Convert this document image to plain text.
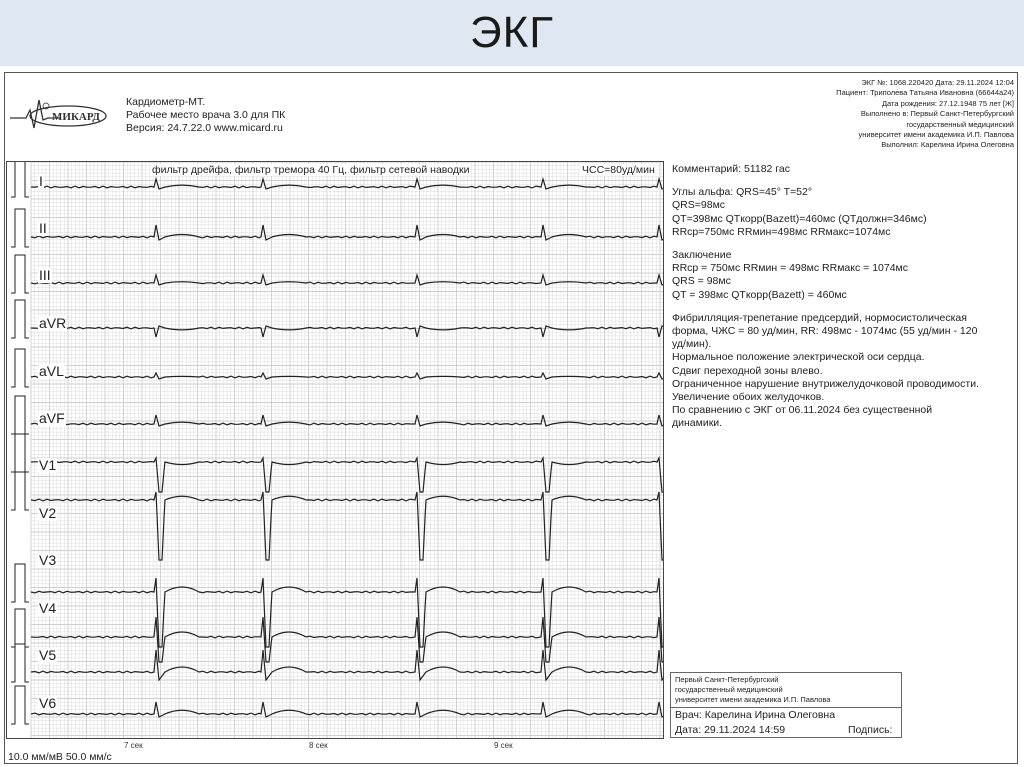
ЭКГ
МИКАРД
Кардиометр-МТ.
Рабочее место врача 3.0 для ПК
Версия: 24.7.22.0 www.micard.ru
ЭКГ №: 1068.220420 Дата: 29.11.2024 12:04
Пациент: Триполева Татьяна Ивановна (66644а24)
Дата рождения: 27.12.1948 75 лет [Ж]
Выполнено в: Первый Санкт-Петербургский
государственный медицинский
университет имени академика И.П. Павлова
Выполнил: Карелина Ирина Олеговна
фильтр дрейфа, фильтр тремора 40 Гц, фильтр сетевой наводки	ЧСС=80уд/мин
I
II
III
aVR
aVL
aVF
V1
V2
V3
V4
V5
V6
7 сек	8 сек	9 сек
10.0 мм/мВ 50.0 мм/с

Комментарий: 51182 гас

Углы альфа: QRS=45° T=52°

QRS=98мс

QT=398мс QTкорр(Bazett)=460мс (QTдолжн=346мс)

RRср=750мс RRмин=498мс RRмакс=1074мс

Заключение

RRср = 750мс RRмин = 498мс RRмакс = 1074мс

QRS = 98мс

QT = 398мс QTкорр(Bazett) = 460мс

Фибрилляция-трепетание предсердий, нормосистолическая

форма, ЧЖС = 80 уд/мин, RR: 498мс - 1074мс (55 уд/мин - 120

уд/мин).

Нормальное положение электрической оси сердца.

Сдвиг переходной зоны влево.

Ограниченное нарушение внутрижелудочковой проводимости.

Увеличение обоих желудочков.

По сравнению с ЭКГ от 06.11.2024 без существенной

динамики.

Первый Санкт-Петербургский
государственный медицинский
университет имени академика И.П. Павлова
Врач: Карелина Ирина Олеговна
Дата: 29.11.2024 14:59	Подпись:
